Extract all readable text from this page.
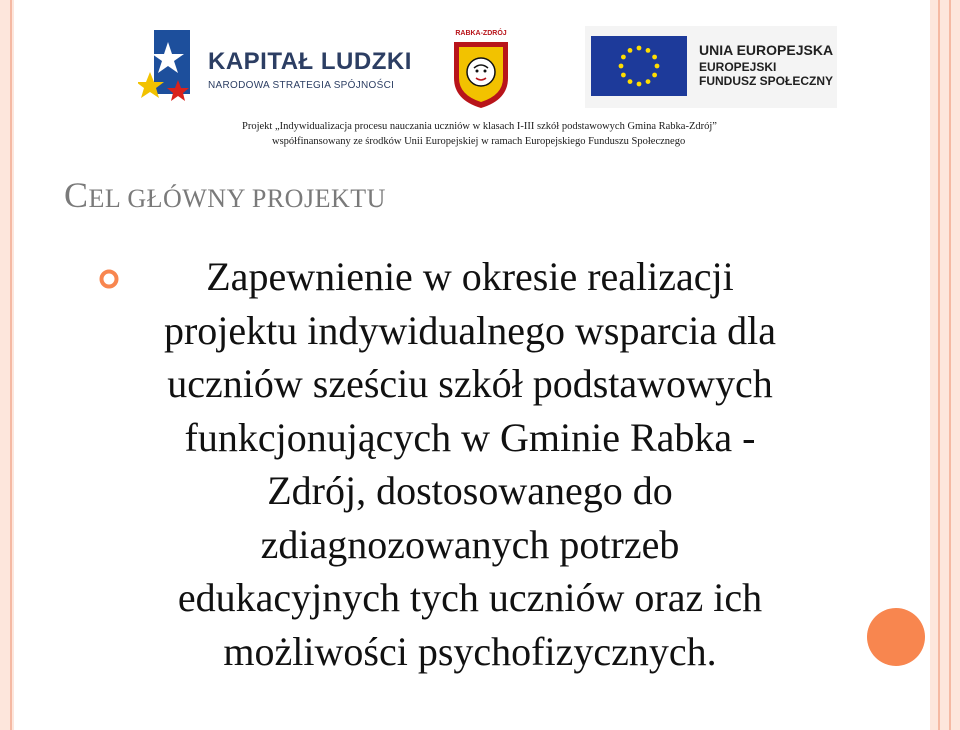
KAPITAŁ LUDZKI
NARODOWA STRATEGIA SPÓJNOŚCI
RABKA-ZDRÓJ
UNIA EUROPEJSKA
EUROPEJSKI
FUNDUSZ SPOŁECZNY
Projekt „Indywidualizacja procesu nauczania uczniów w klasach I-III szkół podstawowych Gmina Rabka-Zdrój”
współfinansowany ze środków Unii Europejskiej w ramach Europejskiego Funduszu Społecznego
CEL GŁÓWNY PROJEKTU
Zapewnienie w okresie realizacji
projektu indywidualnego wsparcia dla
uczniów sześciu szkół podstawowych
funkcjonujących w Gminie Rabka -
Zdrój, dostosowanego do
zdiagnozowanych potrzeb
edukacyjnych tych uczniów oraz ich
możliwości psychofizycznych.
